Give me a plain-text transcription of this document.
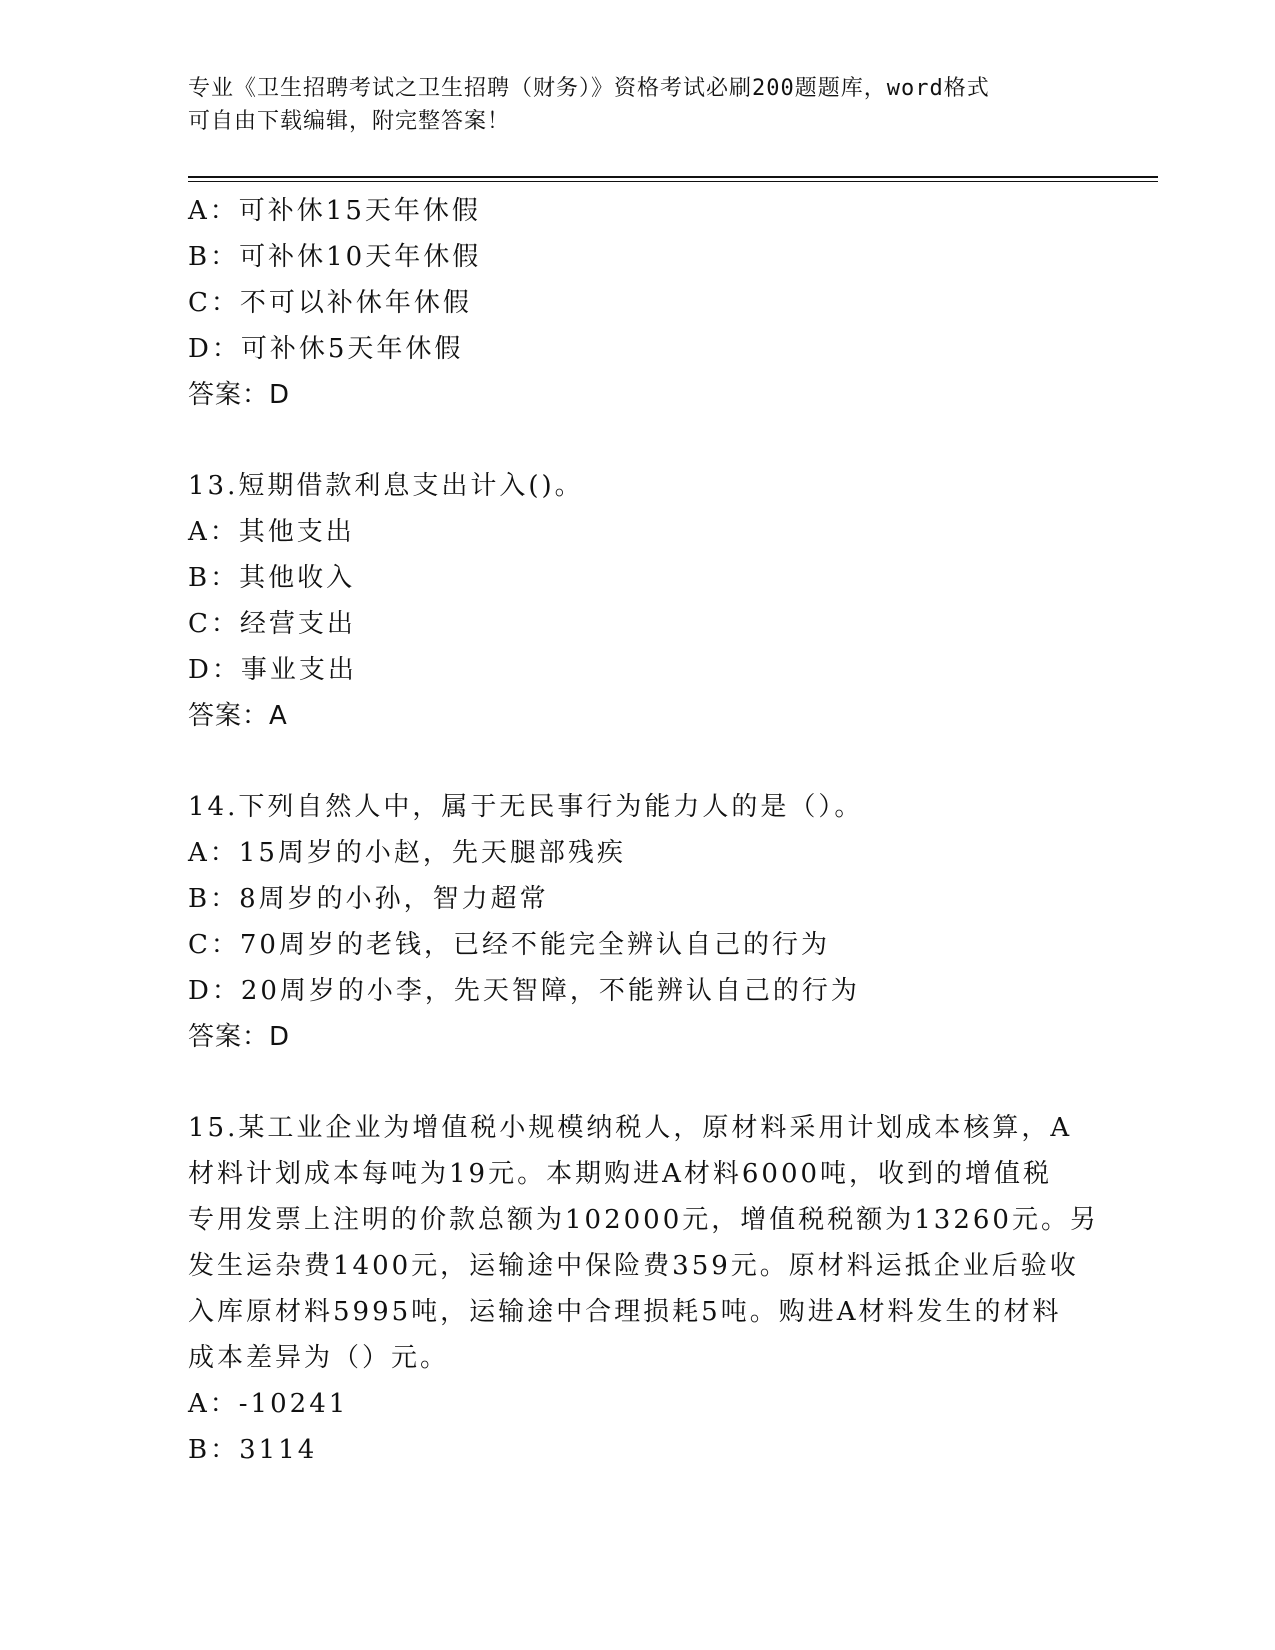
专业《卫生招聘考试之卫生招聘（财务）》资格考试必刷200题题库，word格式
可自由下载编辑，附完整答案！
A：可补休15天年休假
B：可补休10天年休假
C：不可以补休年休假
D：可补休5天年休假
答案：D
13.短期借款利息支出计入()。
A：其他支出
B：其他收入
C：经营支出
D：事业支出
答案：A
14.下列自然人中，属于无民事行为能力人的是（）。
A：15周岁的小赵，先天腿部残疾
B：8周岁的小孙，智力超常
C：70周岁的老钱，已经不能完全辨认自己的行为
D：20周岁的小李，先天智障，不能辨认自己的行为
答案：D
15.某工业企业为增值税小规模纳税人，原材料采用计划成本核算，A
材料计划成本每吨为19元。本期购进A材料6000吨，收到的增值税
专用发票上注明的价款总额为102000元，增值税税额为13260元。另
发生运杂费1400元，运输途中保险费359元。原材料运抵企业后验收
入库原材料5995吨，运输途中合理损耗5吨。购进A材料发生的材料
成本差异为（）元。
A：-10241
B：3114
